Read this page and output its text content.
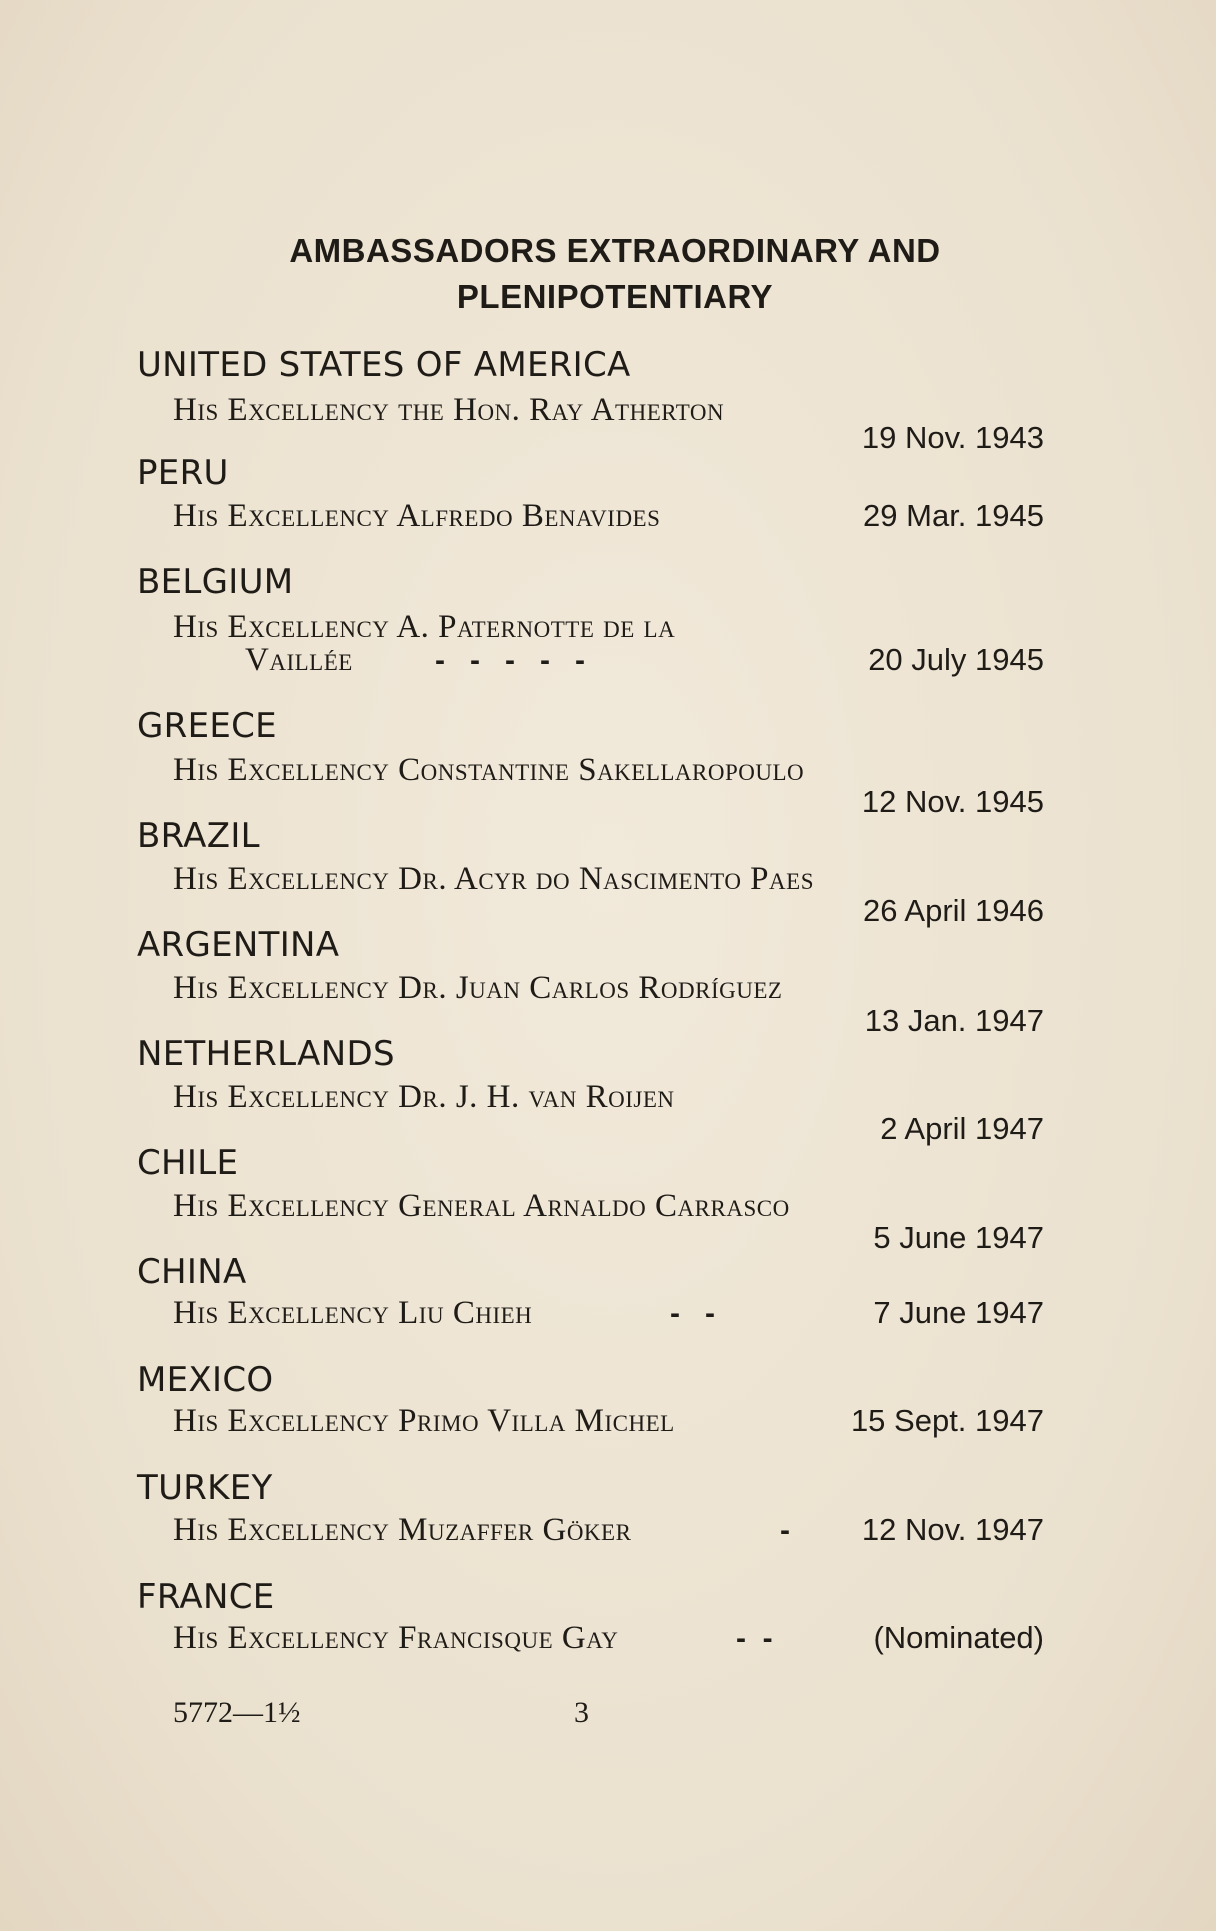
AMBASSADORS EXTRAORDINARY AND
PLENIPOTENTIARY
UNITED STATES OF AMERICA
His Excellency the Hon. Ray Atherton
19 Nov. 1943
PERU
His Excellency Alfredo Benavides	29 Mar. 1945
BELGIUM
His Excellency A. Paternotte de la
Vaillée	-   -   -   -   -	20 July 1945
GREECE
His Excellency Constantine Sakellaropoulo
12 Nov. 1945
BRAZIL
His Excellency Dr. Acyr do Nascimento Paes
26 April 1946
ARGENTINA
His Excellency Dr. Juan Carlos Rodríguez
13 Jan. 1947
NETHERLANDS
His Excellency Dr. J. H. van Roijen
2 April 1947
CHILE
His Excellency General Arnaldo Carrasco
5 June 1947
CHINA
His Excellency Liu Chieh	-   -	7 June 1947
MEXICO
His Excellency Primo Villa Michel	15 Sept. 1947
TURKEY
His Excellency Muzaffer Göker	- 12 Nov. 1947
FRANCE
His Excellency Francisque Gay	-  -	(Nominated)
5772—1½	3
